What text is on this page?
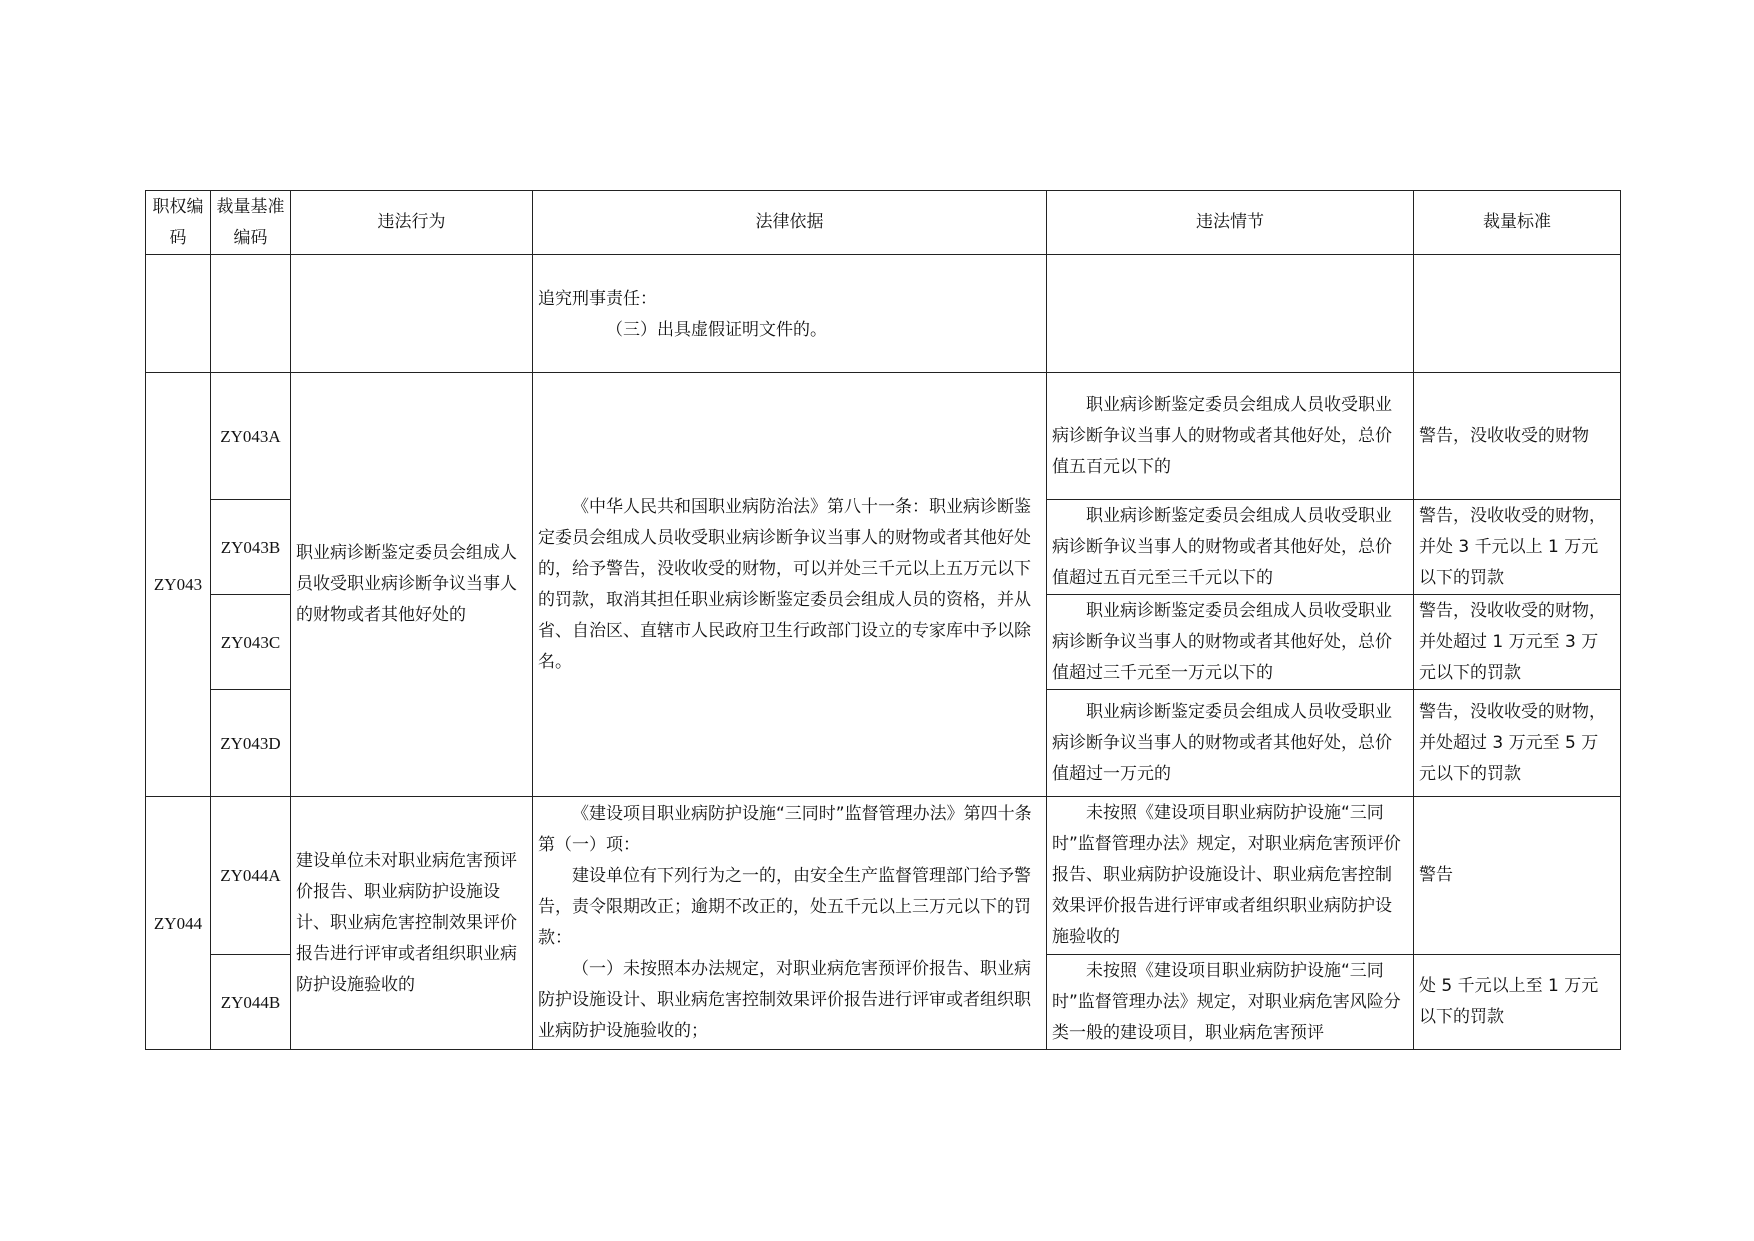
职权编码	裁量基准编码	违法行为	法律依据	违法情节	裁量标准

			追究刑事责任：
（三）出具虚假证明文件的。		

ZY043	ZY043A	职业病诊断鉴定委员会组成人员收受职业病诊断争议当事人的财物或者其他好处的	《中华人民共和国职业病防治法》第八十一条：职业病诊断鉴定委员会组成人员收受职业病诊断争议当事人的财物或者其他好处的，给予警告，没收收受的财物，可以并处三千元以上五万元以下的罚款，取消其担任职业病诊断鉴定委员会组成人员的资格，并从省、自治区、直辖市人民政府卫生行政部门设立的专家库中予以除名。	职业病诊断鉴定委员会组成人员收受职业病诊断争议当事人的财物或者其他好处，总价值五百元以下的	警告，没收收受的财物
	ZY043B			职业病诊断鉴定委员会组成人员收受职业病诊断争议当事人的财物或者其他好处，总价值超过五百元至三千元以下的	警告，没收收受的财物，并处 3 千元以上 1 万元以下的罚款
	ZY043C			职业病诊断鉴定委员会组成人员收受职业病诊断争议当事人的财物或者其他好处，总价值超过三千元至一万元以下的	警告，没收收受的财物，并处超过 1 万元至 3 万元以下的罚款
	ZY043D			职业病诊断鉴定委员会组成人员收受职业病诊断争议当事人的财物或者其他好处，总价值超过一万元的	警告，没收收受的财物，并处超过 3 万元至 5 万元以下的罚款
ZY044	ZY044A	建设单位未对职业病危害预评价报告、职业病防护设施设计、职业病危害控制效果评价报告进行评审或者组织职业病防护设施验收的	《建设项目职业病防护设施“三同时”监督管理办法》第四十条第（一）项：
建设单位有下列行为之一的，由安全生产监督管理部门给予警告，责令限期改正；逾期不改正的，处五千元以上三万元以下的罚款：
（一）未按照本办法规定，对职业病危害预评价报告、职业病防护设施设计、职业病危害控制效果评价报告进行评审或者组织职业病防护设施验收的；	未按照《建设项目职业病防护设施“三同时”监督管理办法》规定，对职业病危害预评价报告、职业病防护设施设计、职业病危害控制效果评价报告进行评审或者组织职业病防护设施验收的	警告
	ZY044B			未按照《建设项目职业病防护设施“三同时”监督管理办法》规定，对职业病危害风险分类一般的建设项目，职业病危害预评	处 5 千元以上至 1 万元以下的罚款
